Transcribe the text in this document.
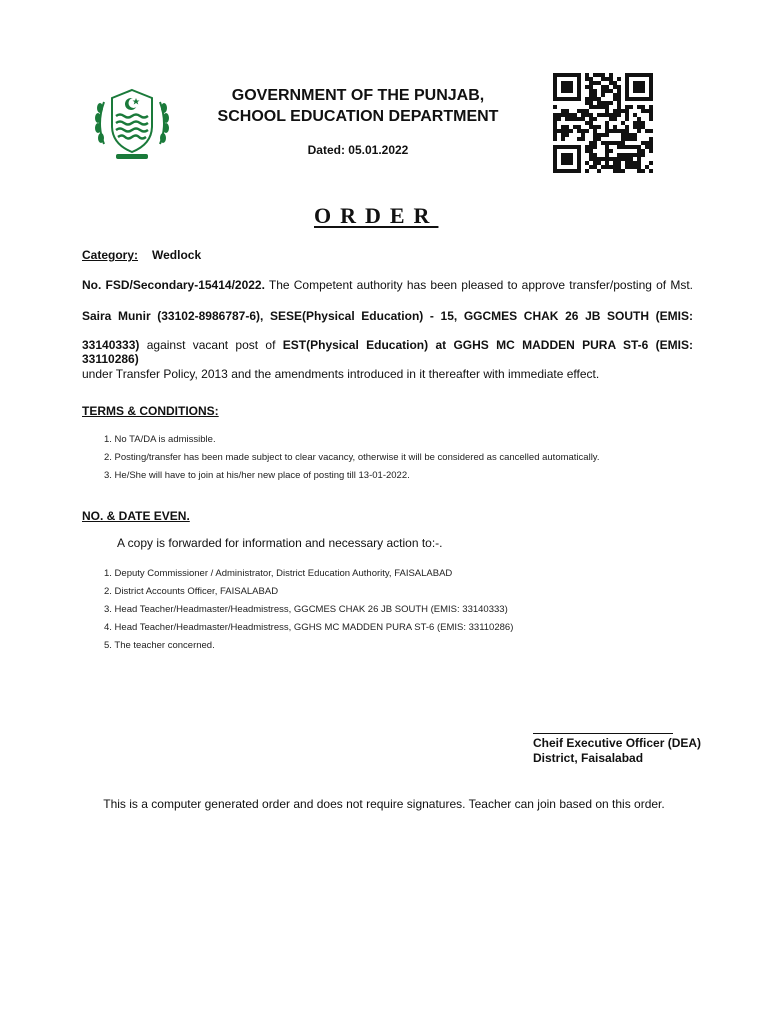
GOVERNMENT OF THE PUNJAB,
SCHOOL EDUCATION DEPARTMENT
Dated: 05.01.2022
ORDER
Category: Wedlock
No. FSD/Secondary-15414/2022. The Competent authority has been pleased to approve transfer/posting of Mst.
Saira Munir (33102-8986787-6), SESE(Physical Education) - 15, GGCMES CHAK 26 JB SOUTH (EMIS:
33140333) against vacant post of EST(Physical Education) at GGHS MC MADDEN PURA ST-6 (EMIS: 33110286)
under Transfer Policy, 2013 and the amendments introduced in it thereafter with immediate effect.
TERMS & CONDITIONS:
1. No TA/DA is admissible.
2. Posting/transfer has been made subject to clear vacancy, otherwise it will be considered as cancelled automatically.
3. He/She will have to join at his/her new place of posting till 13-01-2022.
NO. & DATE EVEN.
A copy is forwarded for information and necessary action to:-.
1. Deputy Commissioner / Administrator, District Education Authority, FAISALABAD
2. District Accounts Officer, FAISALABAD
3. Head Teacher/Headmaster/Headmistress, GGCMES CHAK 26 JB SOUTH (EMIS: 33140333)
4. Head Teacher/Headmaster/Headmistress, GGHS MC MADDEN PURA ST-6 (EMIS: 33110286)
5. The teacher concerned.
Cheif Executive Officer (DEA)
District, Faisalabad
This is a computer generated order and does not require signatures. Teacher can join based on this order.
